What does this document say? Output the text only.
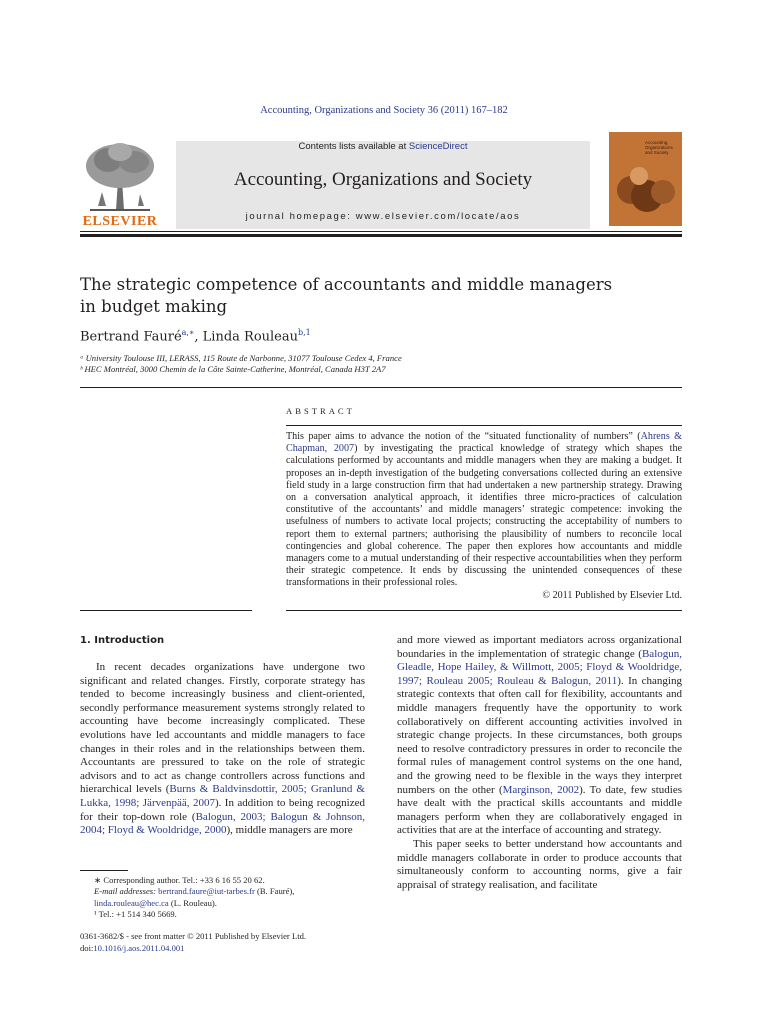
Accounting, Organizations and Society 36 (2011) 167–182
ELSEVIER
Contents lists available at ScienceDirect
Accounting, Organizations and Society
journal homepage: www.elsevier.com/locate/aos
Accounting, Organizations and Society
The strategic competence of accountants and middle managers
in budget making
Bertrand Fauré$^{a,∗}$, Linda Rouleau$^{b,1}$
ᵃ University Toulouse III, LERASS, 115 Route de Narbonne, 31077 Toulouse Cedex 4, France
ᵇ HEC Montréal, 3000 Chemin de la Côte Sainte-Catherine, Montréal, Canada H3T 2A7
ABSTRACT
This paper aims to advance the notion of the “situated functionality of numbers” (Ahrens & Chapman, 2007) by investigating the practical knowledge of strategy which shapes the calculations performed by accountants and middle managers when they are making a budget. It proposes an in-depth investigation of the budgeting conversations collected during an extensive field study in a large construction firm that had undertaken a new partnership strategy. Drawing on a conversation analytical approach, it identifies three micro-practices of calculation constitutive of the accountants’ and middle managers’ strategic competence: invoking the usefulness of numbers to activate local projects; constructing the acceptability of numbers to report them to external partners; authorising the plausibility of numbers to reconcile local contingencies and global coherence. The paper then explores how accountants and middle managers come to a mutual understanding of their respective accountabilities when they perform their strategic competence. It ends by discussing the unintended consequences of these transformations in their professional roles.
© 2011 Published by Elsevier Ltd.
1. Introduction

In recent decades organizations have undergone two significant and related changes. Firstly, corporate strategy has tended to become increasingly business and client-oriented, secondly performance measurement systems strongly related to accounting have become increasingly complicated. These evolutions have led accountants and middle managers to face changes in their roles and in the relationships between them. Accountants are pressured to take on the role of strategic advisors and to act as change controllers across functions and hierarchical levels (Burns & Baldvinsdottir, 2005; Granlund & Lukka, 1998; Järvenpää, 2007). In addition to being recognized for their top-down role (Balogun, 2003; Balogun & Johnson, 2004; Floyd & Wooldridge, 2000), middle managers are more

and more viewed as important mediators across organizational boundaries in the implementation of strategic change (Balogun, Gleadle, Hope Hailey, & Willmott, 2005; Floyd & Wooldridge, 1997; Rouleau 2005; Rouleau & Balogun, 2011). In changing strategic contexts that often call for flexibility, accountants and middle managers frequently have the opportunity to work collaboratively on different accounting activities involved in strategic change projects. In these circumstances, both groups need to resolve contradictory pressures in order to reconcile the formal rules of management control systems on the one hand, and the growing need to be flexible in the ways they interpret numbers on the other (Marginson, 2002). To date, few studies have dealt with the practical skills accountants and middle managers perform when they are collaboratively engaged in activities that are at the interface of accounting and strategy.

This paper seeks to better understand how accountants and middle managers collaborate in order to produce accounts that simultaneously conform to accounting norms, give a fair appraisal of strategy realisation, and facilitate

∗ Corresponding author. Tel.: +33 6 16 55 20 62.

E-mail addresses: bertrand.faure@iut-tarbes.fr (B. Fauré), linda.rouleau@hec.ca (L. Rouleau).

¹ Tel.: +1 514 340 5669.

0361-3682/$ - see front matter © 2011 Published by Elsevier Ltd.
doi:10.1016/j.aos.2011.04.001
